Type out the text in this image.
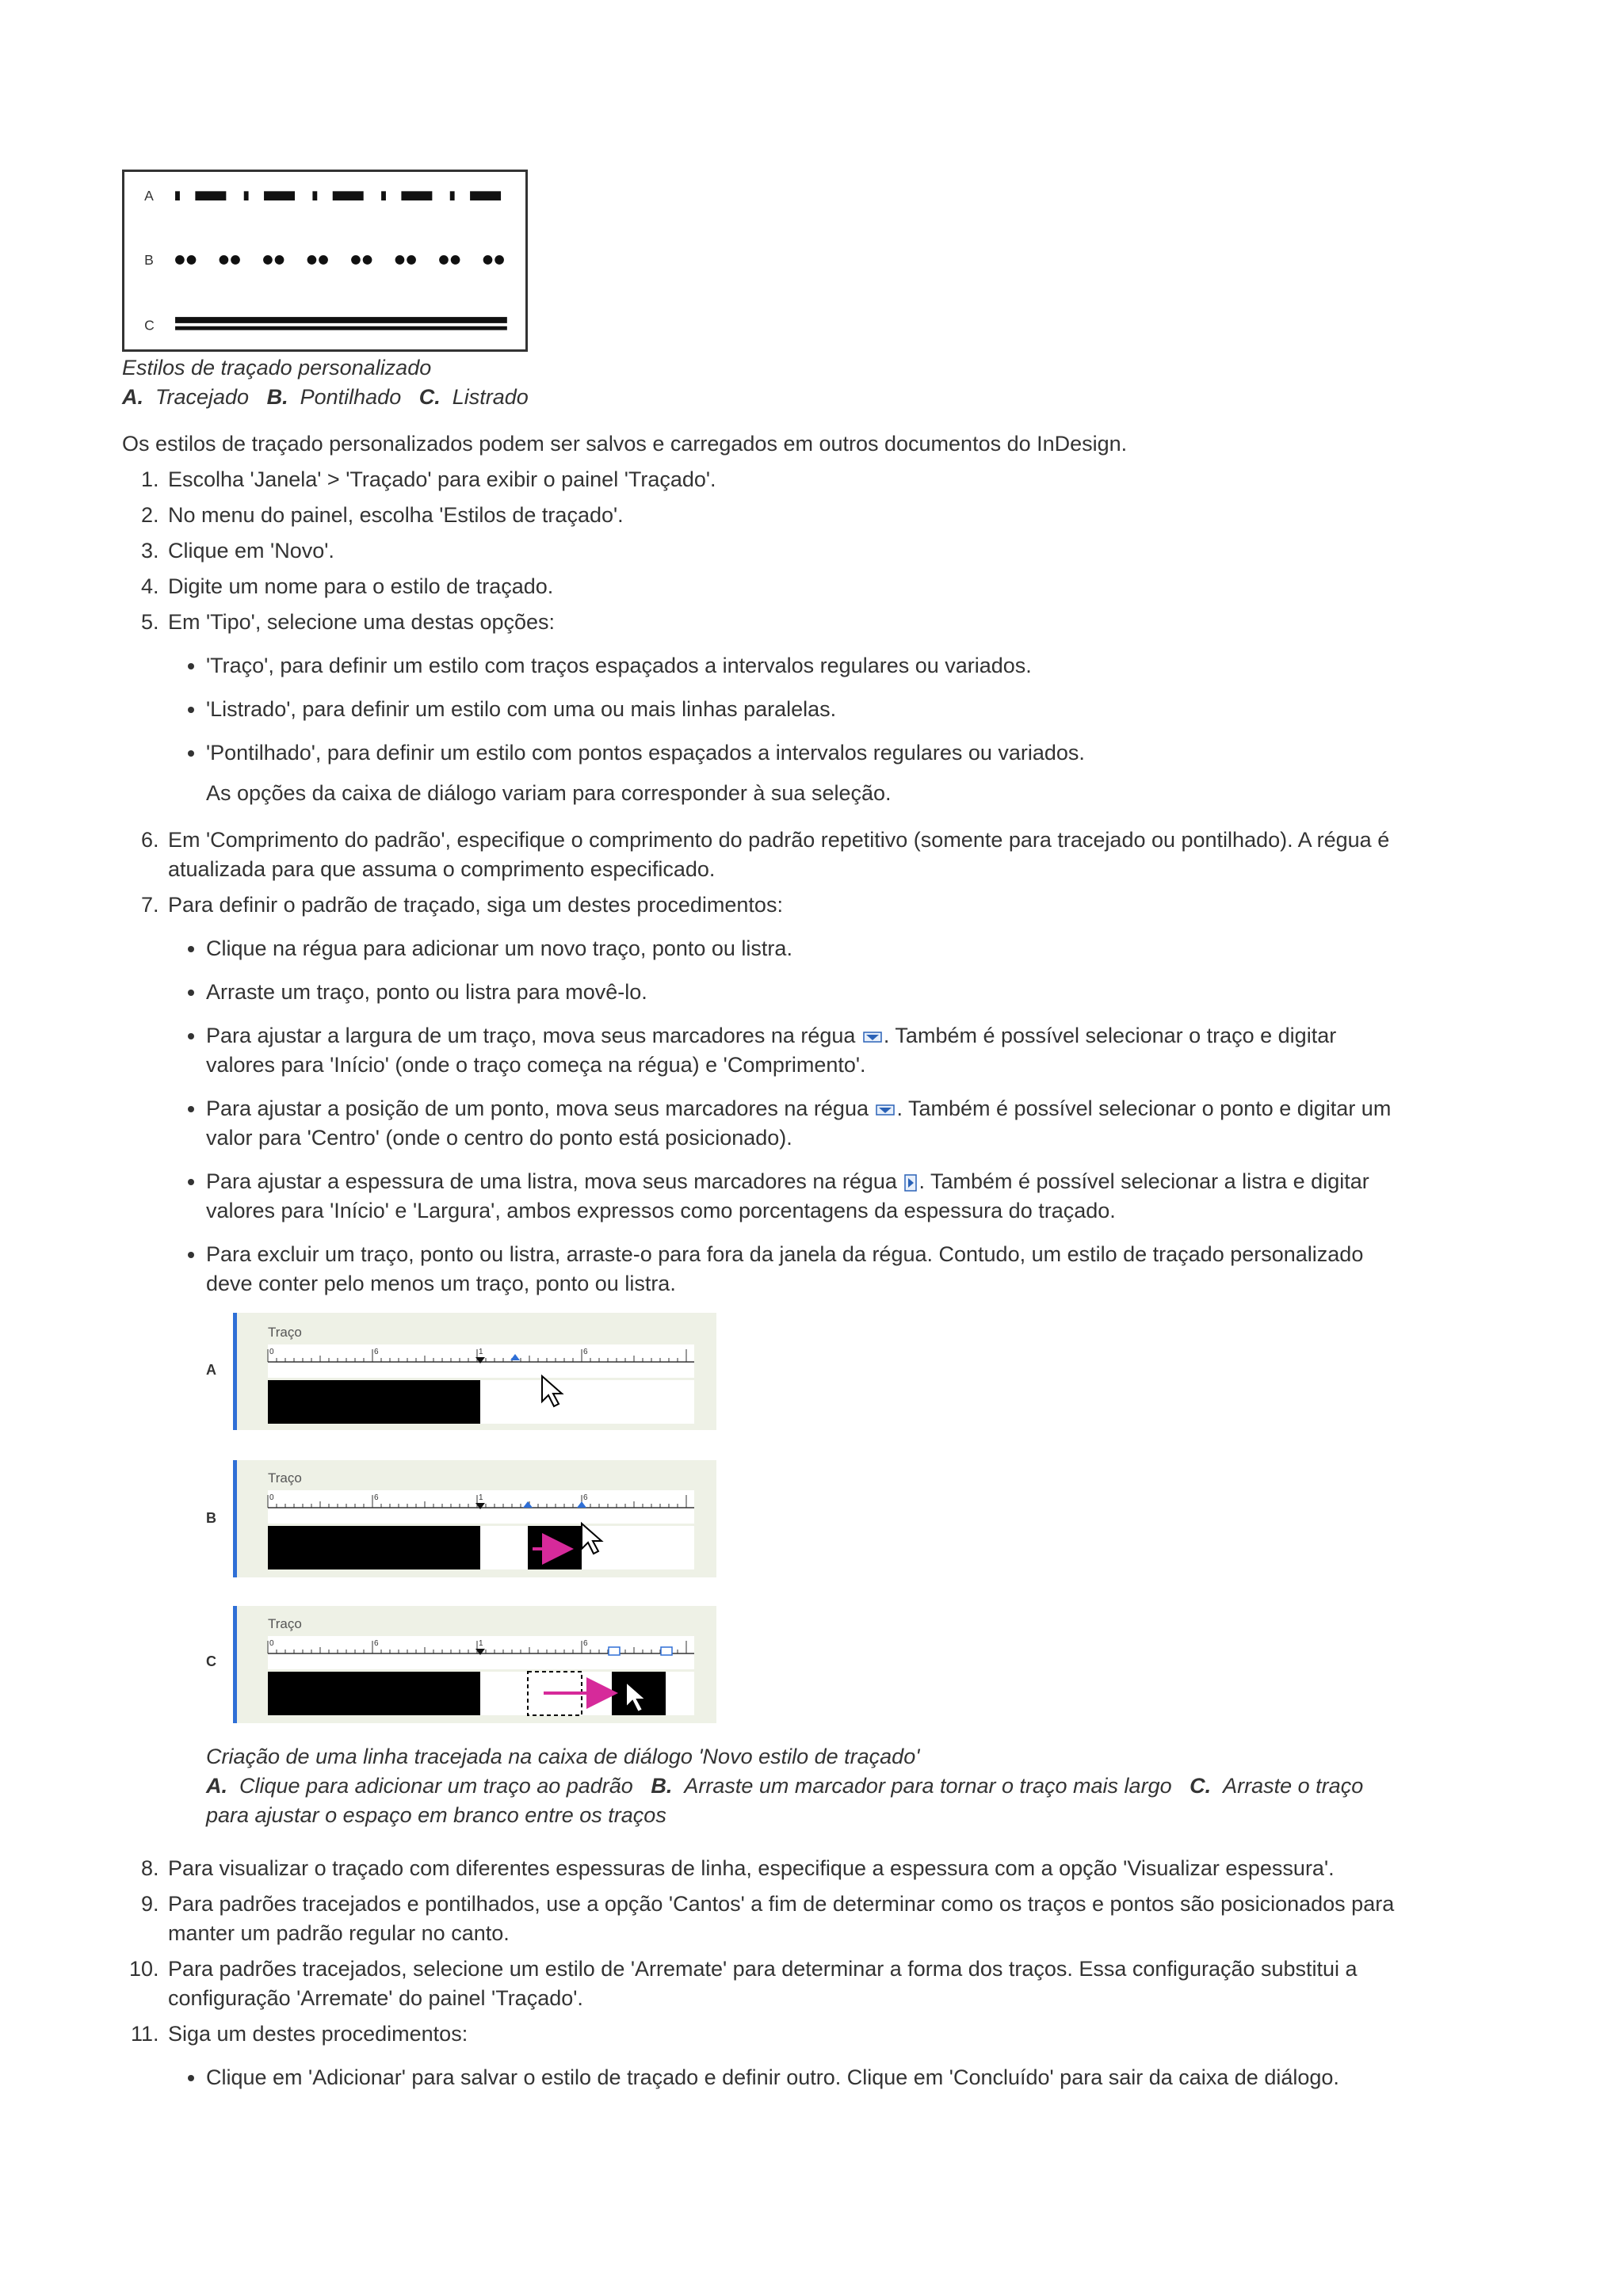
A
B
C
Estilos de traçado personalizado
A. Tracejado B. Pontilhado C. Listrado

Os estilos de traçado personalizados podem ser salvos e carregados em outros documentos do InDesign.

1. Escolha 'Janela' > 'Traçado' para exibir o painel 'Traçado'.
2. No menu do painel, escolha 'Estilos de traçado'.
3. Clique em 'Novo'.
4. Digite um nome para o estilo de traçado.
5. Em 'Tipo', selecione uma destas opções:
• 'Traço', para definir um estilo com traços espaçados a intervalos regulares ou variados.
• 'Listrado', para definir um estilo com uma ou mais linhas paralelas.
• 'Pontilhado', para definir um estilo com pontos espaçados a intervalos regulares ou variados.
As opções da caixa de diálogo variam para corresponder à sua seleção.
6. Em 'Comprimento do padrão', especifique o comprimento do padrão repetitivo (somente para tracejado ou pontilhado). A régua é atualizada para que assuma o comprimento especificado.
7. Para definir o padrão de traçado, siga um destes procedimentos:
• Clique na régua para adicionar um novo traço, ponto ou listra.
• Arraste um traço, ponto ou listra para movê-lo.
• Para ajustar a largura de um traço, mova seus marcadores na régua . Também é possível selecionar o traço e digitar valores para 'Início' (onde o traço começa na régua) e 'Comprimento'.
• Para ajustar a posição de um ponto, mova seus marcadores na régua . Também é possível selecionar o ponto e digitar um valor para 'Centro' (onde o centro do ponto está posicionado).
• Para ajustar a espessura de uma listra, mova seus marcadores na régua . Também é possível selecionar a listra e digitar valores para 'Início' e 'Largura', ambos expressos como porcentagens da espessura do traçado.
• Para excluir um traço, ponto ou listra, arraste-o para fora da janela da régua. Contudo, um estilo de traçado personalizado deve conter pelo menos um traço, ponto ou listra.
A
Traço
0	6	1	6
B
Traço
0	6	1	6
C
Traço
0	6	1	6
Criação de uma linha tracejada na caixa de diálogo 'Novo estilo de traçado'
A. Clique para adicionar um traço ao padrão B. Arraste um marcador para tornar o traço mais largo C. Arraste o traço para ajustar o espaço em branco entre os traços
8. Para visualizar o traçado com diferentes espessuras de linha, especifique a espessura com a opção 'Visualizar espessura'.
9. Para padrões tracejados e pontilhados, use a opção 'Cantos' a fim de determinar como os traços e pontos são posicionados para manter um padrão regular no canto.
10. Para padrões tracejados, selecione um estilo de 'Arremate' para determinar a forma dos traços. Essa configuração substitui a configuração 'Arremate' do painel 'Traçado'.
11. Siga um destes procedimentos:
• Clique em 'Adicionar' para salvar o estilo de traçado e definir outro. Clique em 'Concluído' para sair da caixa de diálogo.
